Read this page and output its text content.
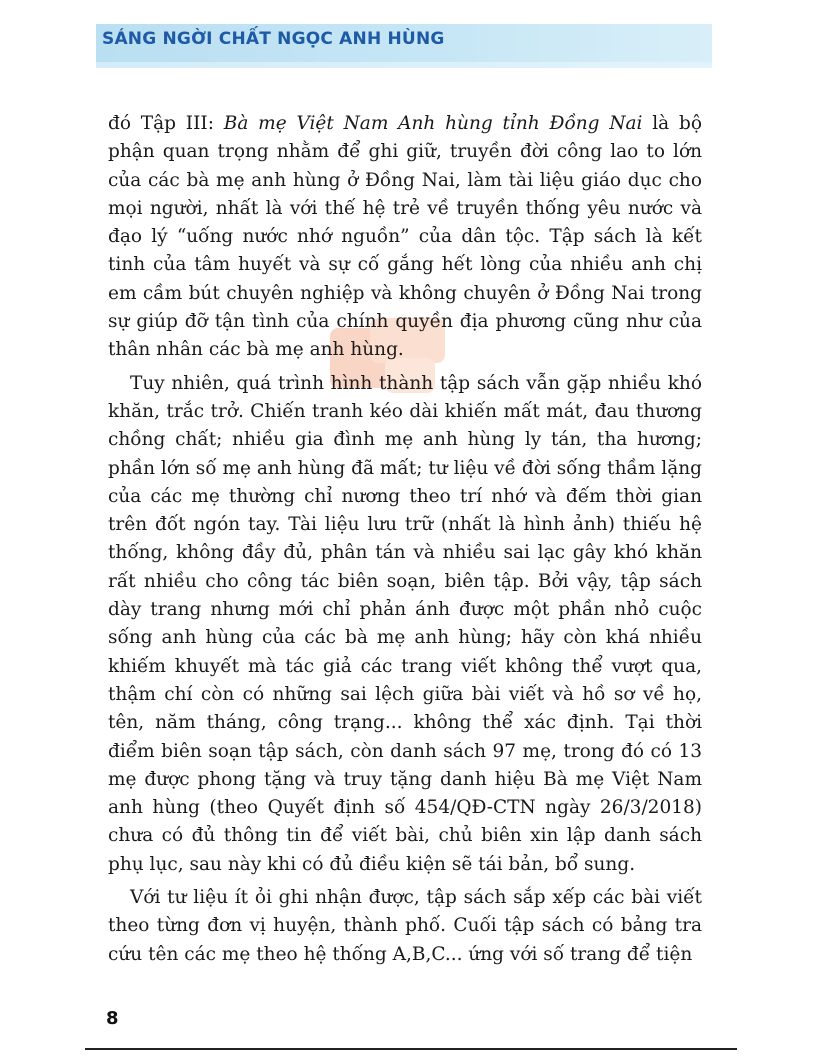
SÁNG NGỜI CHẤT NGỌC ANH HÙNG

đó Tập III: Bà mẹ Việt Nam Anh hùng tỉnh Đồng Nai là bộ phận quan trọng nhằm để ghi giữ, truyền đời công lao to lớn của các bà mẹ anh hùng ở Đồng Nai, làm tài liệu giáo dục cho mọi người, nhất là với thế hệ trẻ về truyền thống yêu nước và đạo lý “uống nước nhớ nguồn” của dân tộc. Tập sách là kết tinh của tâm huyết và sự cố gắng hết lòng của nhiều anh chị em cầm bút chuyên nghiệp và không chuyên ở Đồng Nai trong sự giúp đỡ tận tình của chính quyền địa phương cũng như của thân nhân các bà mẹ anh hùng.

Tuy nhiên, quá trình hình thành tập sách vẫn gặp nhiều khó khăn, trắc trở. Chiến tranh kéo dài khiến mất mát, đau thương chồng chất; nhiều gia đình mẹ anh hùng ly tán, tha hương; phần lớn số mẹ anh hùng đã mất; tư liệu về đời sống thầm lặng của các mẹ thường chỉ nương theo trí nhớ và đếm thời gian trên đốt ngón tay. Tài liệu lưu trữ (nhất là hình ảnh) thiếu hệ thống, không đầy đủ, phân tán và nhiều sai lạc gây khó khăn rất nhiều cho công tác biên soạn, biên tập. Bởi vậy, tập sách dày trang nhưng mới chỉ phản ánh được một phần nhỏ cuộc sống anh hùng của các bà mẹ anh hùng; hãy còn khá nhiều khiếm khuyết mà tác giả các trang viết không thể vượt qua, thậm chí còn có những sai lệch giữa bài viết và hồ sơ về họ, tên, năm tháng, công trạng... không thể xác định. Tại thời điểm biên soạn tập sách, còn danh sách 97 mẹ, trong đó có 13 mẹ được phong tặng và truy tặng danh hiệu Bà mẹ Việt Nam anh hùng (theo Quyết định số 454/QĐ-CTN ngày 26/3/2018) chưa có đủ thông tin để viết bài, chủ biên xin lập danh sách phụ lục, sau này khi có đủ điều kiện sẽ tái bản, bổ sung.

Với tư liệu ít ỏi ghi nhận được, tập sách sắp xếp các bài viết theo từng đơn vị huyện, thành phố. Cuối tập sách có bảng tra cứu tên các mẹ theo hệ thống A,B,C... ứng với số trang để tiện

8
